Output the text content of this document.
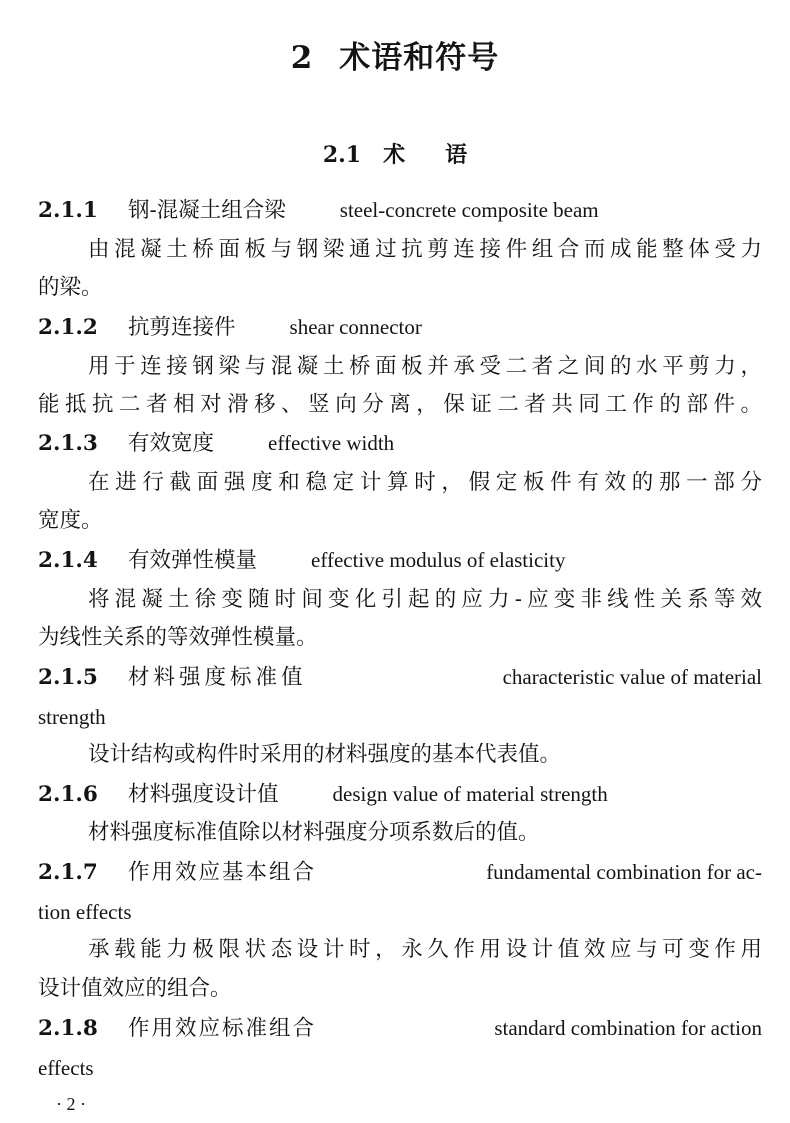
2 术语和符号
2.1 术 语
2.1.1 钢-混凝土组合梁	steel-concrete composite beam
由混凝土桥面板与钢梁通过抗剪连接件组合而成能整体受力
的梁。
2.1.2 抗剪连接件	shear connector
用于连接钢梁与混凝土桥面板并承受二者之间的水平剪力，
能抵抗二者相对滑移、竖向分离，保证二者共同工作的部件。
2.1.3 有效宽度	effective width
在进行截面强度和稳定计算时，假定板件有效的那一部分
宽度。
2.1.4 有效弹性模量	effective modulus of elasticity
将混凝土徐变随时间变化引起的应力-应变非线性关系等效
为线性关系的等效弹性模量。
2.1.5 材料强度标准值	characteristic value of material
strength
设计结构或构件时采用的材料强度的基本代表值。
2.1.6 材料强度设计值	design value of material strength
材料强度标准值除以材料强度分项系数后的值。
2.1.7 作用效应基本组合	fundamental combination for ac-
tion effects
承载能力极限状态设计时，永久作用设计值效应与可变作用
设计值效应的组合。
2.1.8 作用效应标准组合	standard combination for action
effects
· 2 ·
